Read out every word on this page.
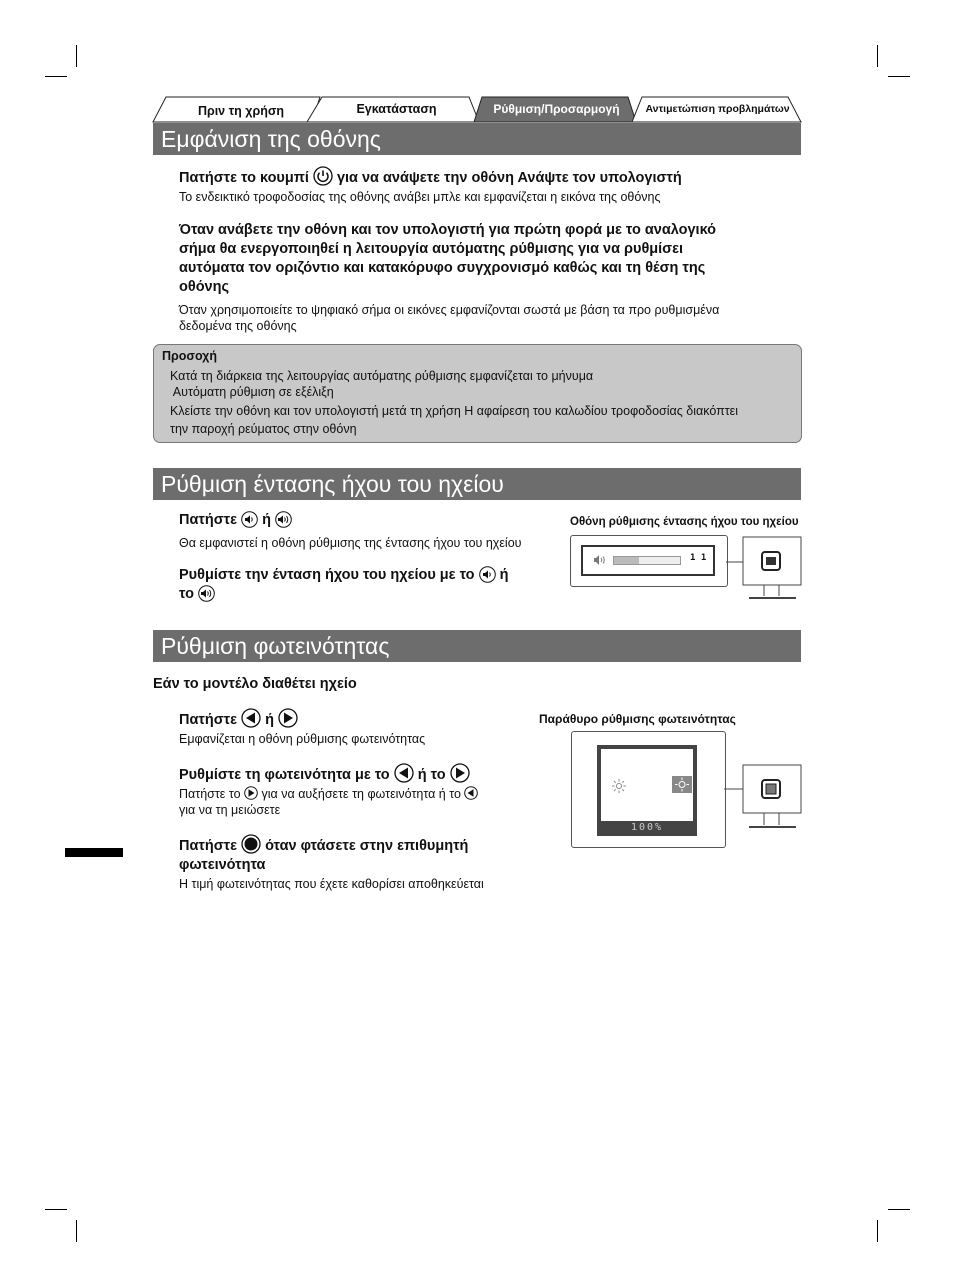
Πριν τη χρήση	Εγκατάσταση	Ρύθμιση/Προσαρμογή	Αντιμετώπιση προβλημάτων
Εμφάνιση της οθόνης
Πατήστε το κουμπί για να ανάψετε την οθόνη Ανάψτε τον υπολογιστή
Το ενδεικτικό τροφοδοσίας της οθόνης ανάβει μπλε και εμφανίζεται η εικόνα της οθόνης
Όταν ανάβετε την οθόνη και τον υπολογιστή για πρώτη φορά με το αναλογικό
σήμα θα ενεργοποιηθεί η λειτουργία αυτόματης ρύθμισης για να ρυθμίσει
αυτόματα τον οριζόντιο και κατακόρυφο συγχρονισμό καθώς και τη θέση της
οθόνης
Όταν χρησιμοποιείτε το ψηφιακό σήμα οι εικόνες εμφανίζονται σωστά με βάση τα προ ρυθμισμένα
δεδομένα της οθόνης
Προσοχή
Κατά τη διάρκεια της λειτουργίας αυτόματης ρύθμισης εμφανίζεται το μήνυμα
Αυτόματη ρύθμιση σε εξέλιξη
Κλείστε την οθόνη και τον υπολογιστή μετά τη χρήση Η αφαίρεση του καλωδίου τροφοδοσίας διακόπτει
την παροχή ρεύματος στην οθόνη
Ρύθμιση έντασης ήχου του ηχείου
Πατήστε ή
Θα εμφανιστεί η οθόνη ρύθμισης της έντασης ήχου του ηχείου
Ρυθμίστε την ένταση ήχου του ηχείου με το ή
το
Οθόνη ρύθμισης έντασης ήχου του ηχείου
1 1
Ρύθμιση φωτεινότητας
Εάν το μοντέλο διαθέτει ηχείο
Πατήστε ή
Εμφανίζεται η οθόνη ρύθμισης φωτεινότητας
Ρυθμίστε τη φωτεινότητα με το ή το
Πατήστε το για να αυξήσετε τη φωτεινότητα ή το
για να τη μειώσετε
Πατήστε όταν φτάσετε στην επιθυμητή
φωτεινότητα
Η τιμή φωτεινότητας που έχετε καθορίσει αποθηκεύεται
Παράθυρο ρύθμισης φωτεινότητας
100%
